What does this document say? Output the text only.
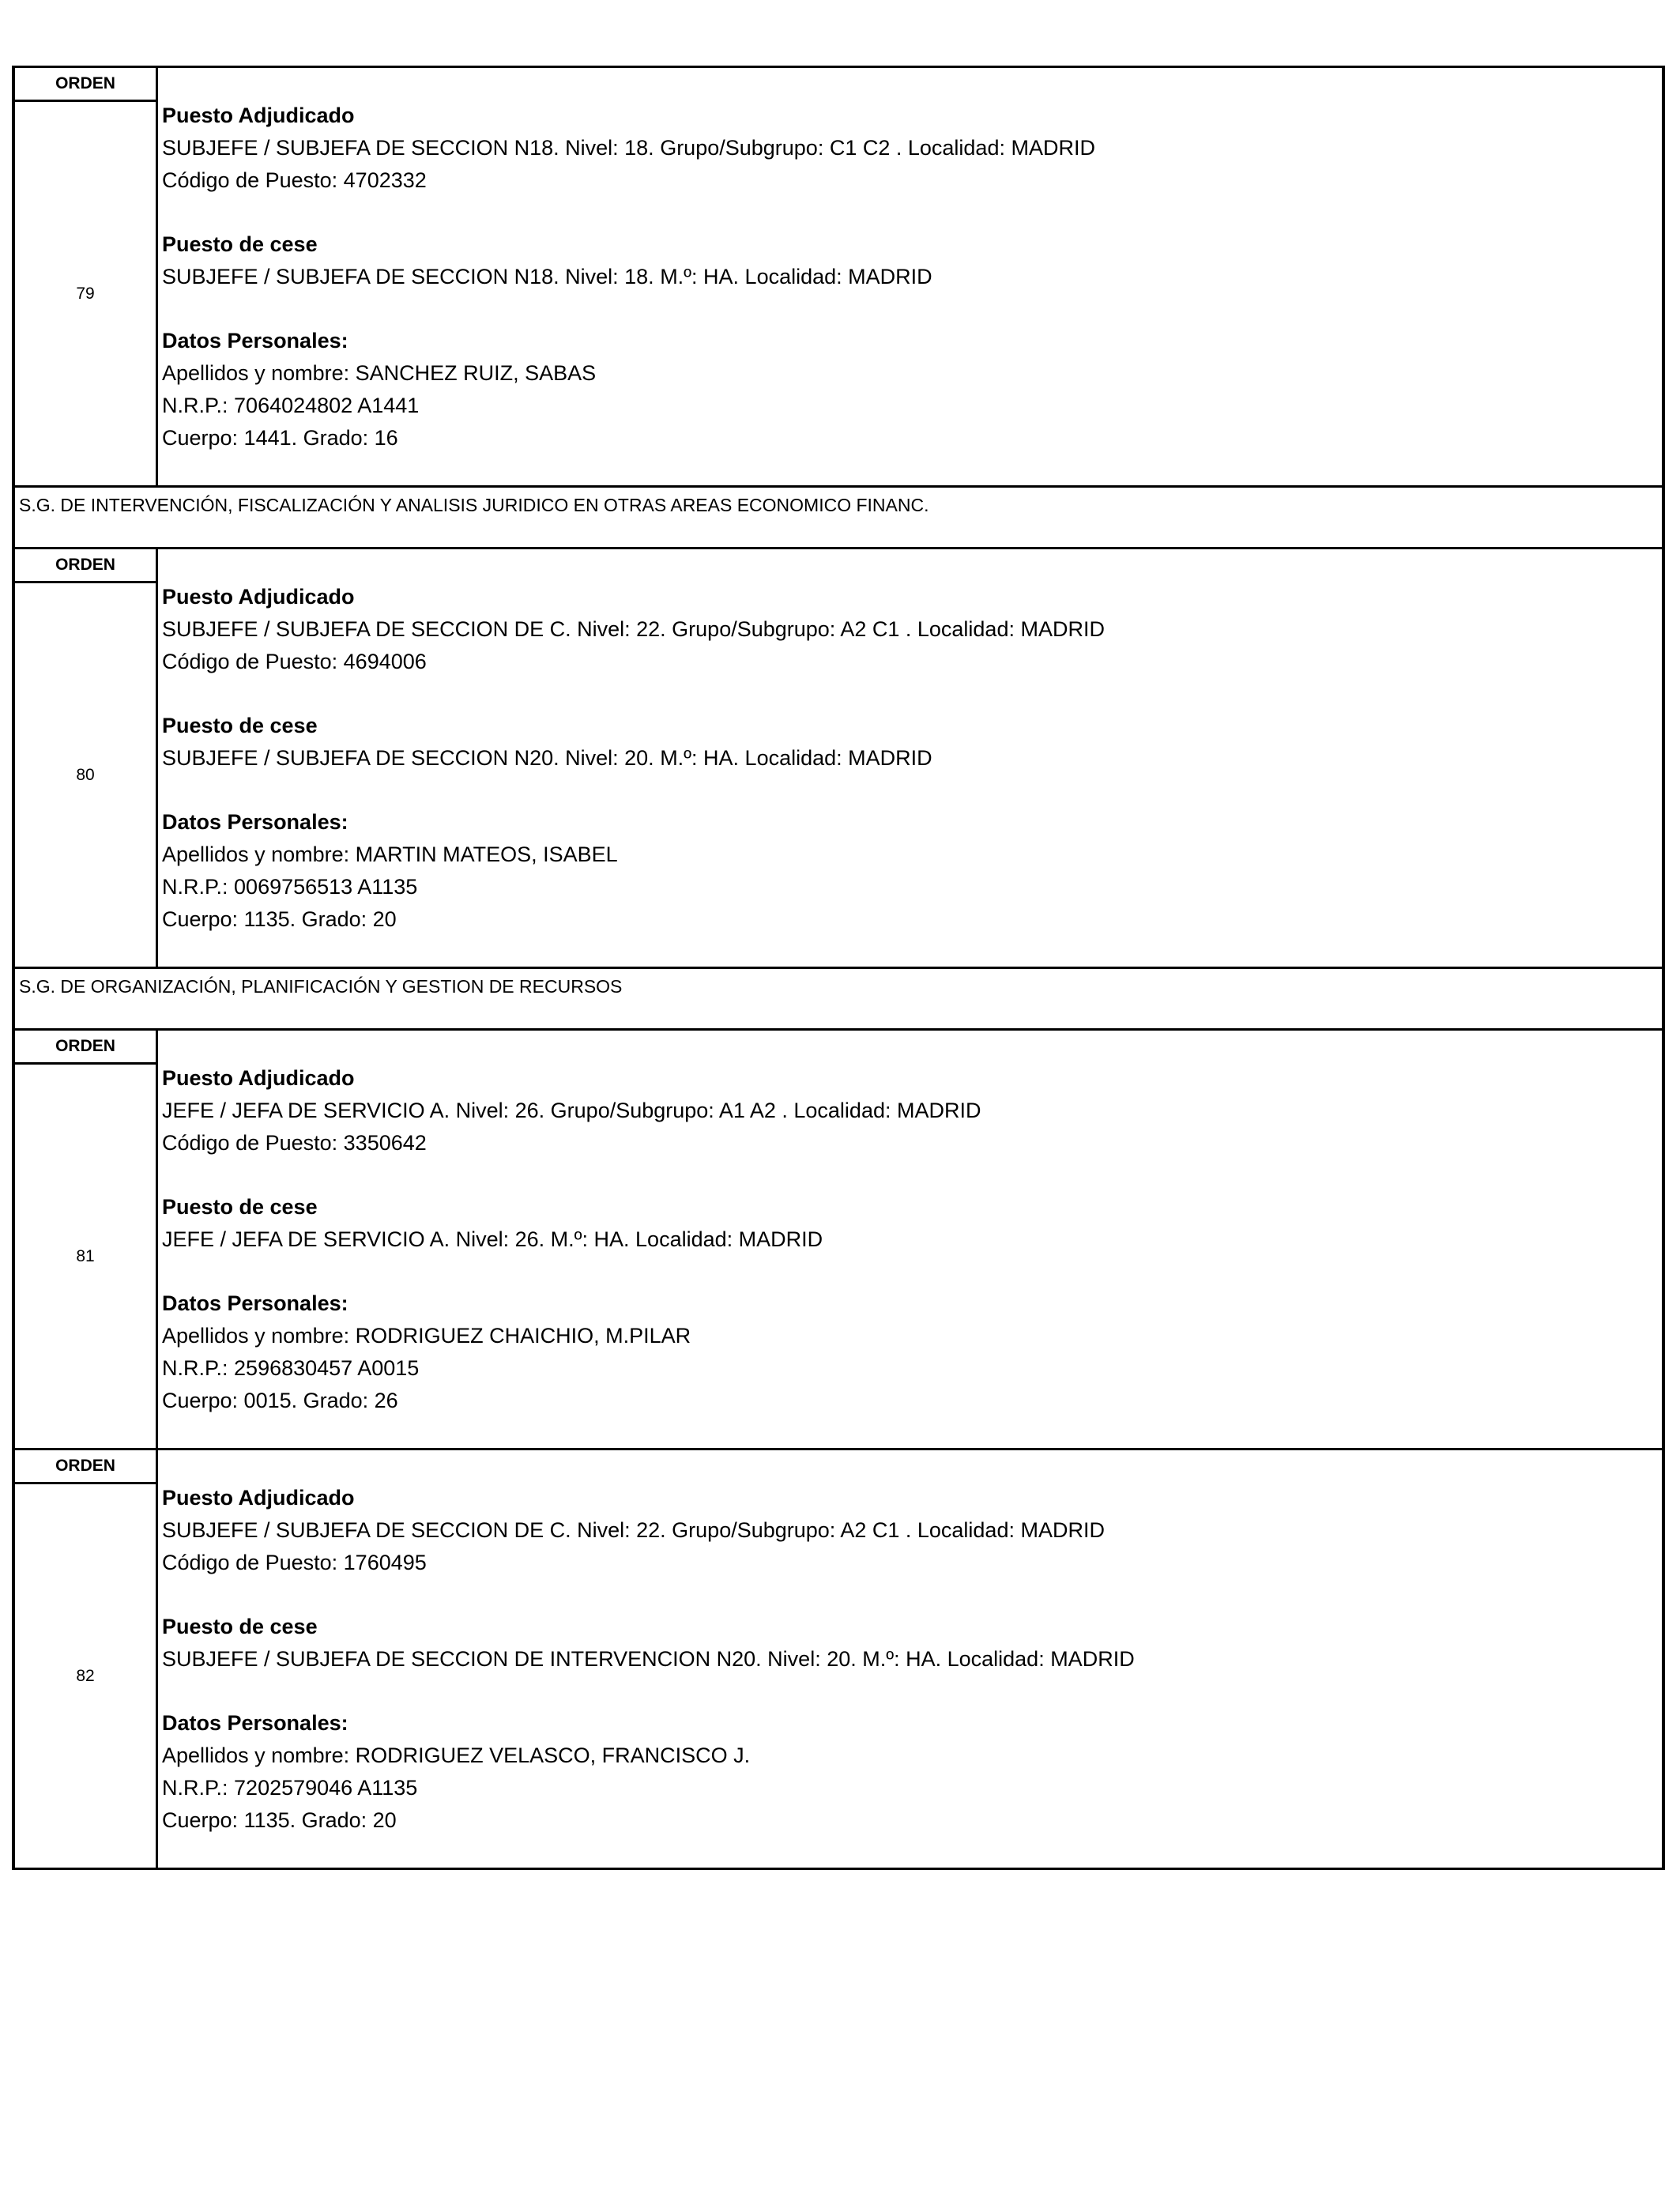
ORDEN
79
Puesto Adjudicado
SUBJEFE / SUBJEFA DE SECCION N18. Nivel: 18. Grupo/Subgrupo: C1 C2 . Localidad: MADRID
Código de Puesto: 4702332
Puesto de cese
SUBJEFE / SUBJEFA DE SECCION N18. Nivel: 18. M.º: HA. Localidad: MADRID
Datos Personales:
Apellidos y nombre: SANCHEZ RUIZ, SABAS
N.R.P.: 7064024802 A1441
Cuerpo: 1441. Grado: 16
S.G. DE INTERVENCIÓN, FISCALIZACIÓN Y ANALISIS JURIDICO EN OTRAS AREAS ECONOMICO FINANC.
ORDEN
80
Puesto Adjudicado
SUBJEFE / SUBJEFA DE SECCION DE C. Nivel: 22. Grupo/Subgrupo: A2 C1 . Localidad: MADRID
Código de Puesto: 4694006
Puesto de cese
SUBJEFE / SUBJEFA DE SECCION N20. Nivel: 20. M.º: HA. Localidad: MADRID
Datos Personales:
Apellidos y nombre: MARTIN MATEOS, ISABEL
N.R.P.: 0069756513 A1135
Cuerpo: 1135. Grado: 20
S.G. DE ORGANIZACIÓN, PLANIFICACIÓN Y GESTION DE RECURSOS
ORDEN
81
Puesto Adjudicado
JEFE / JEFA DE SERVICIO A. Nivel: 26. Grupo/Subgrupo: A1 A2 . Localidad: MADRID
Código de Puesto: 3350642
Puesto de cese
JEFE / JEFA DE SERVICIO A. Nivel: 26. M.º: HA. Localidad: MADRID
Datos Personales:
Apellidos y nombre: RODRIGUEZ CHAICHIO, M.PILAR
N.R.P.: 2596830457 A0015
Cuerpo: 0015. Grado: 26
ORDEN
82
Puesto Adjudicado
SUBJEFE / SUBJEFA DE SECCION DE C. Nivel: 22. Grupo/Subgrupo: A2 C1 . Localidad: MADRID
Código de Puesto: 1760495
Puesto de cese
SUBJEFE / SUBJEFA DE SECCION DE INTERVENCION N20. Nivel: 20. M.º: HA. Localidad: MADRID
Datos Personales:
Apellidos y nombre: RODRIGUEZ VELASCO, FRANCISCO J.
N.R.P.: 7202579046 A1135
Cuerpo: 1135. Grado: 20
